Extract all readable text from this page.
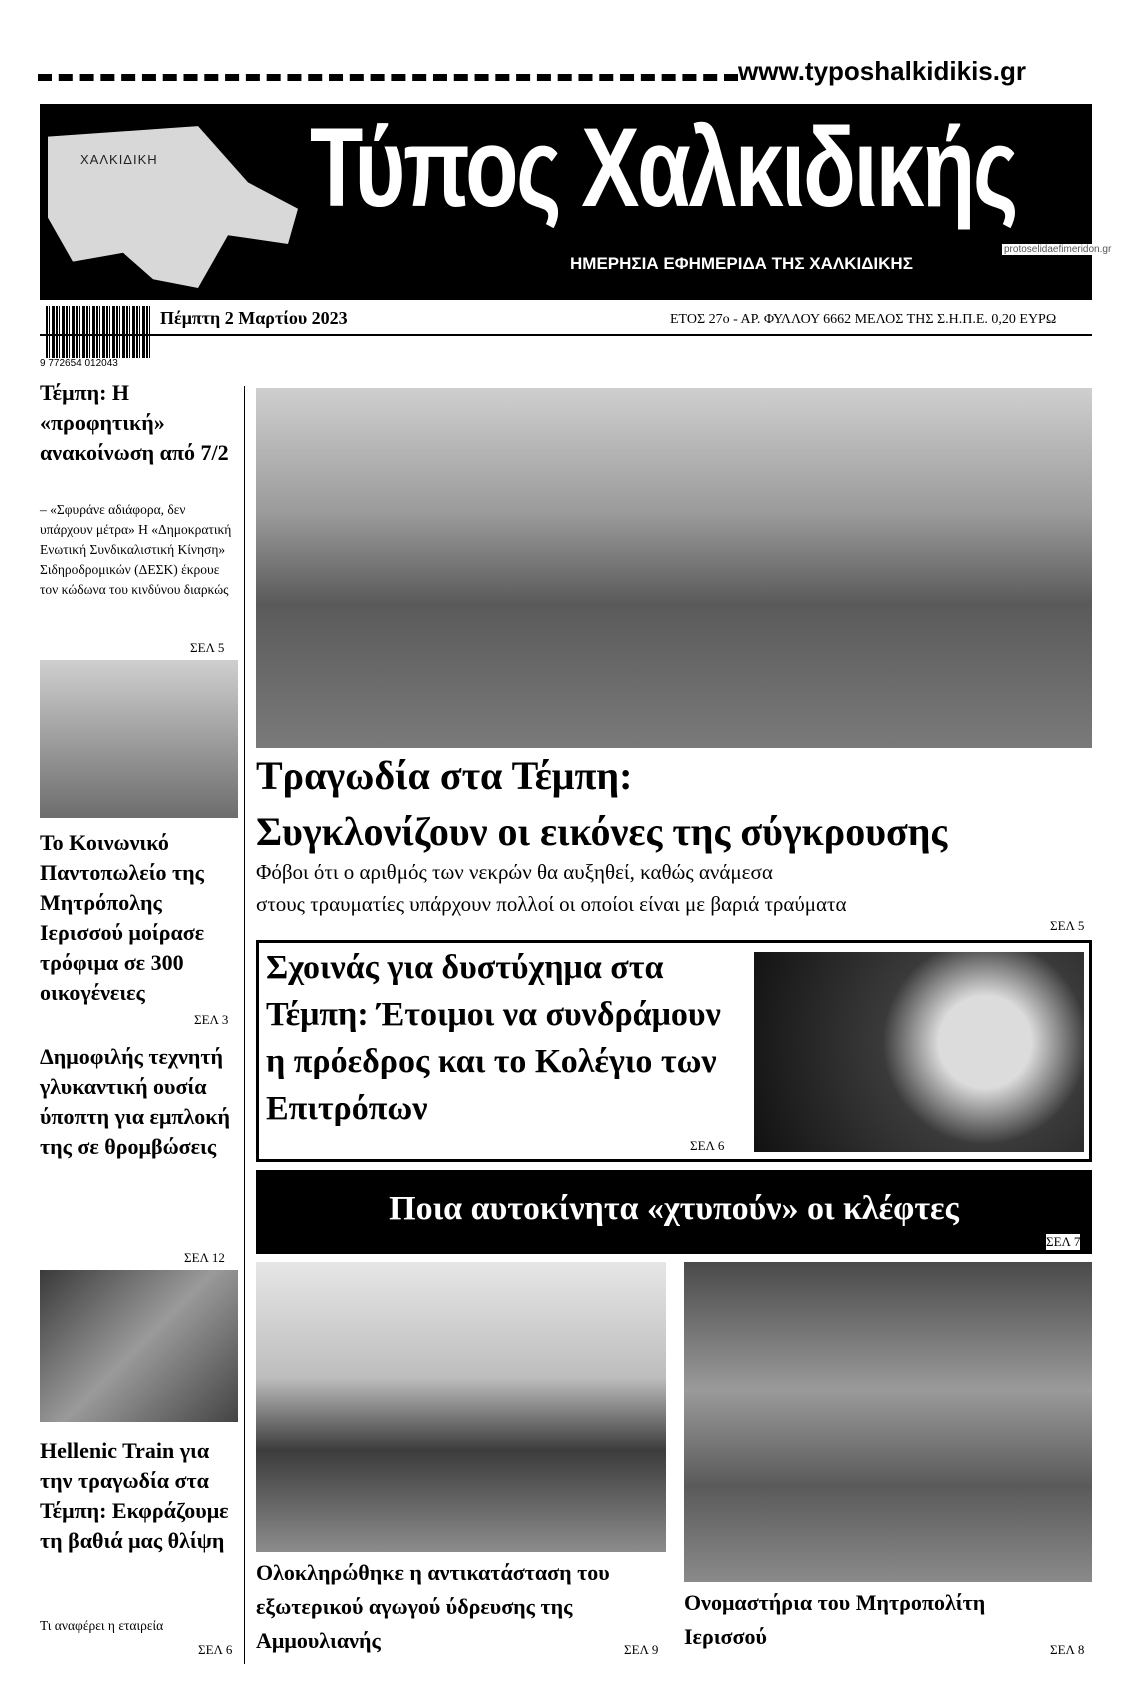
www.typoshalkidikis.gr
ΧΑΛΚΙΔΙΚΗ Τύπος Χαλκιδικής
ΗΜΕΡΗΣΙΑ ΕΦΗΜΕΡΙΔΑ ΤΗΣ ΧΑΛΚΙΔΙΚΗΣ
protoselidaefimeridon.gr
9 772654 012043
Πέμπτη 2 Μαρτίου 2023	ΕΤΟΣ 27ο - ΑΡ. ΦΥΛΛΟΥ 6662 ΜΕΛΟΣ ΤΗΣ Σ.Η.Π.Ε. 0,20 ΕΥΡΩ
Τέμπη: Η «προφητική» ανακοίνωση από 7/2
– «Σφυράνε αδιάφορα, δεν υπάρχουν μέτρα» Η «Δημοκρατική Ενωτική Συνδικαλιστική Κίνηση» Σιδηροδρομικών (ΔΕΣΚ) έκρουε τον κώδωνα του κινδύνου διαρκώς
ΣΕΛ 5
Το Κοινωνικό Παντοπωλείο της Μητρόπολης Ιερισσού μοίρασε τρόφιμα σε 300 οικογένειες
ΣΕΛ 3
Δημοφιλής τεχνητή γλυκαντική ουσία ύποπτη για εμπλοκή της σε θρομβώσεις
ΣΕΛ 12
Hellenic Train για την τραγωδία στα Τέμπη: Εκφράζουμε τη βαθιά μας θλίψη
Τι αναφέρει η εταιρεία
ΣΕΛ 6
Τραγωδία στα Τέμπη:
Συγκλονίζουν οι εικόνες της σύγκρουσης
Φόβοι ότι ο αριθμός των νεκρών θα αυξηθεί, καθώς ανάμεσα
στους τραυματίες υπάρχουν πολλοί οι οποίοι είναι με βαριά τραύματα
ΣΕΛ 5
Σχοινάς για δυστύχημα στα Τέμπη: Έτοιμοι να συνδράμουν η πρόεδρος και το Κολέγιο των Επιτρόπων
ΣΕΛ 6
Ποια αυτοκίνητα «χτυπούν» οι κλέφτες
ΣΕΛ 7
Ολοκληρώθηκε η αντικατάσταση του εξωτερικού αγωγού ύδρευσης της Αμμουλιανής	ΣΕΛ 9
Ονομαστήρια του Μητροπολίτη Ιερισσού
ΣΕΛ 8
